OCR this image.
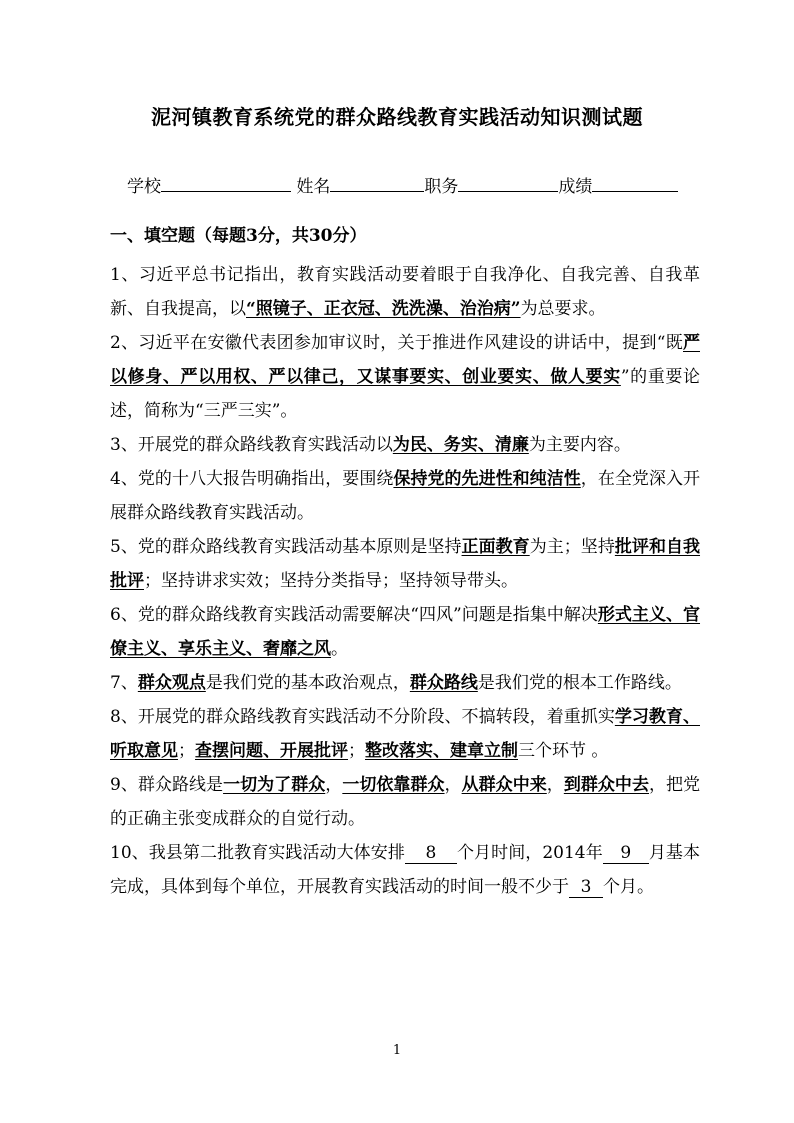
泥河镇教育系统党的群众路线教育实践活动知识测试题
学校	姓名	职务	成绩
一、填空题（每题3分，共30分）

1、习近平总书记指出，教育实践活动要着眼于自我净化、自我完善、自我革新、自我提高，以“照镜子、正衣冠、洗洗澡、治治病”为总要求。

2、习近平在安徽代表团参加审议时，关于推进作风建设的讲话中，提到“既严以修身、严以用权、严以律己，又谋事要实、创业要实、做人要实”的重要论述，简称为“三严三实”。

3、开展党的群众路线教育实践活动以为民、务实、清廉为主要内容。

4、党的十八大报告明确指出，要围绕保持党的先进性和纯洁性，在全党深入开展群众路线教育实践活动。

5、党的群众路线教育实践活动基本原则是坚持正面教育为主；坚持批评和自我批评；坚持讲求实效；坚持分类指导；坚持领导带头。

6、党的群众路线教育实践活动需要解决“四风”问题是指集中解决形式主义、官僚主义、享乐主义、奢靡之风。

7、群众观点是我们党的基本政治观点，群众路线是我们党的根本工作路线。

8、开展党的群众路线教育实践活动不分阶段、不搞转段，着重抓实学习教育、听取意见；查摆问题、开展批评；整改落实、建章立制三个环节 。

9、群众路线是一切为了群众，一切依靠群众，从群众中来，到群众中去，把党的正确主张变成群众的自觉行动。

10、我县第二批教育实践活动大体安排 8 个月时间，2014年 9 月基本完成，具体到每个单位，开展教育实践活动的时间一般不少于 3 个月。

1
